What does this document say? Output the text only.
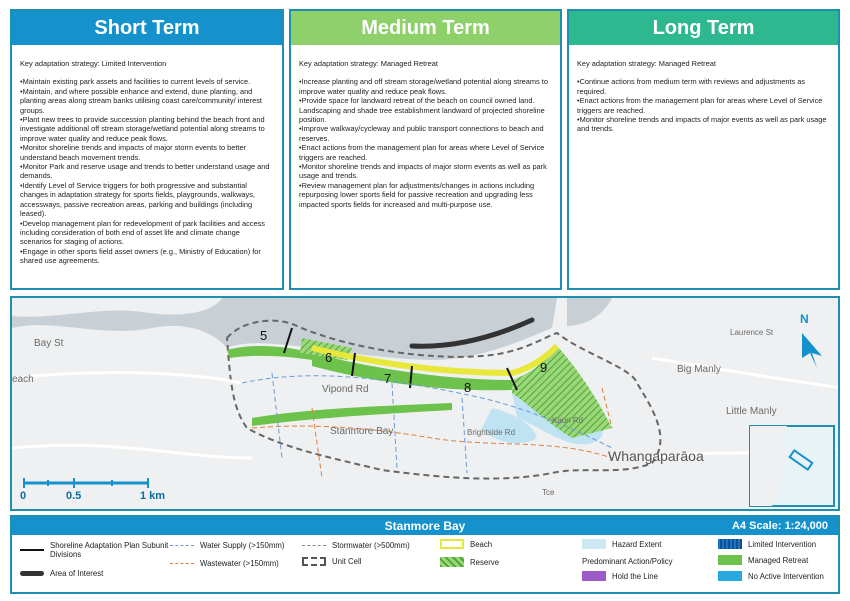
Short Term
Key adaptation strategy: Limited Intervention
• Maintain existing park assets and facilities to current levels of service.
• Maintain, and where possible enhance and extend, dune planting, and planting areas along stream banks utilising coast care/community/ interest groups.
• Plant new trees to provide succession planting behind the beach front and investigate additional off stream storage/wetland potential along streams to improve water quality and reduce peak flows.
• Monitor shoreline trends and impacts of major storm events to better understand beach movement trends.
• Monitor Park and reserve usage and trends to better understand usage and demands.
• Identify Level of Service triggers for both progressive and substantial changes in adaptation strategy for sports fields, playgrounds, walkways, accessways, passive recreation areas, parking and buildings (including leased).
• Develop management plan for redevelopment of park facilities and access including consideration of both end of asset life and climate change scenarios for staging of actions.
• Engage in other sports field asset owners (e.g., Ministry of Education) for shared use agreements.
Medium Term
Key adaptation strategy: Managed Retreat
• Increase planting and off stream storage/wetland potential along streams to improve water quality and reduce peak flows.
• Provide space for landward retreat of the beach on council owned land. Landscaping and shade tree establishment landward of projected shoreline position.
• Improve walkway/cycleway and public transport connections to beach and reserves.
• Enact actions from the management plan for areas where Level of Service triggers are reached.
• Monitor shoreline trends and impacts of major storm events as well as park usage and trends.
• Review management plan for adjustments/changes in actions including repurposing lower sports field for passive recreation and upgrading less impacted sports fields for increased and multi-purpose use.
Long Term
Key adaptation strategy: Managed Retreat
• Continue actions from medium term with reviews and adjustments as required.
• Enact actions from the management plan for areas where Level of Service triggers are reached.
• Monitor shoreline trends and impacts of major events as well as park usage and trends.
Bay St
each
Vipond Rd
Stanmore Bay	Brightside Rd
Kauri Rd
Big Manly
Little Manly
Laurence St
Whangaparāoa
Tce
5
6
7
8
9
N
0	0.5	1 km
Stanmore Bay	A4 Scale: 1:24,000
Shoreline Adaptation Plan Subunit Divisions
Area of Interest
Water Supply (>150mm)
Wastewater (>150mm)
Stormwater (>500mm)
Unit Cell
Beach
Reserve
Hazard Extent
Predominant Action/Policy
Hold the Line
Limited Intervention
Managed Retreat
No Active Intervention
